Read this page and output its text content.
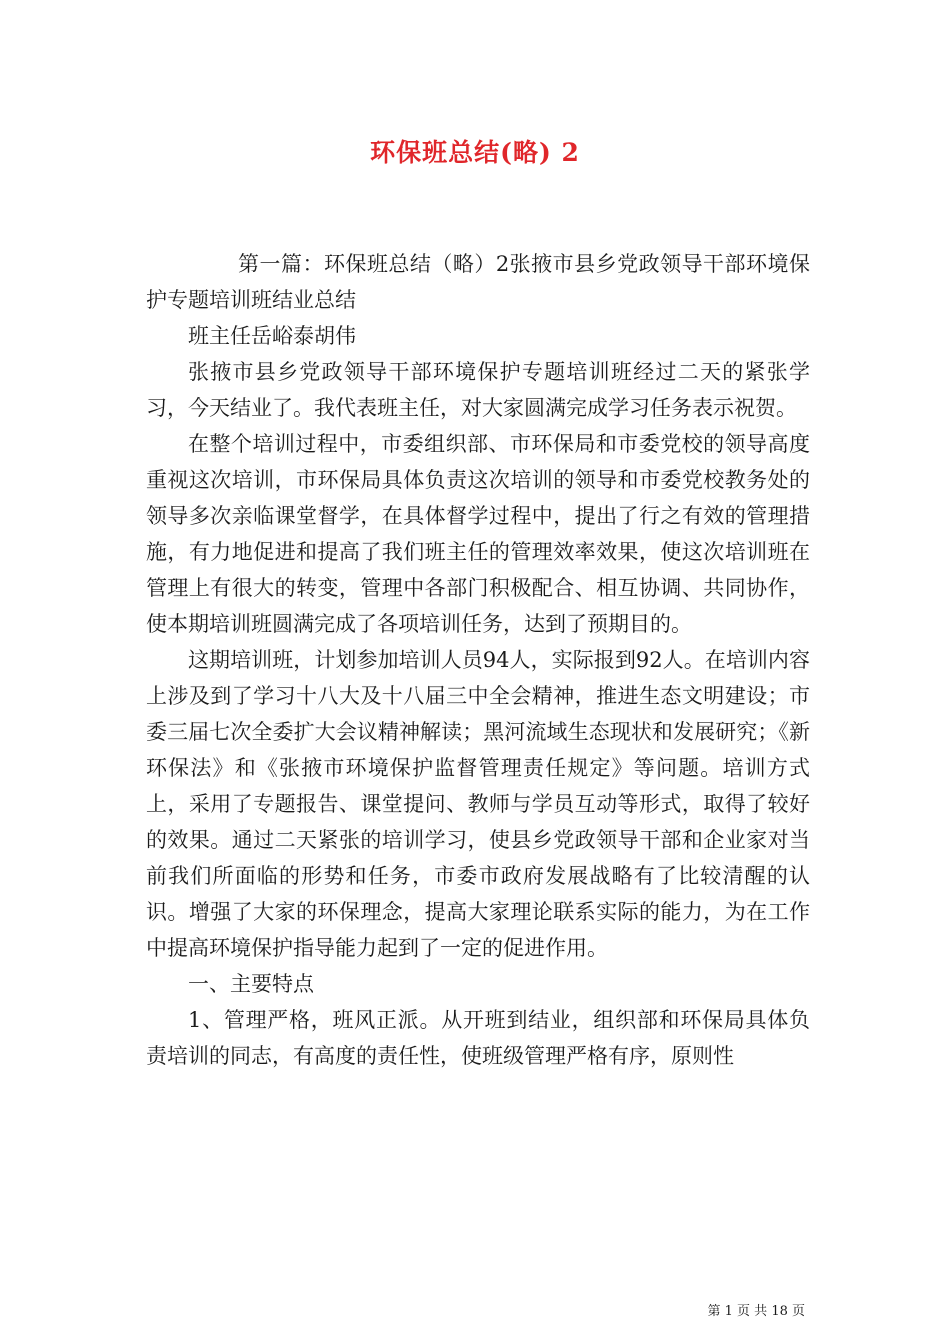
环保班总结(略) 2

第一篇：环保班总结（略）2张掖市县乡党政领导干部环境保护专题培训班结业总结

班主任岳峪泰胡伟

张掖市县乡党政领导干部环境保护专题培训班经过二天的紧张学习，今天结业了。我代表班主任，对大家圆满完成学习任务表示祝贺。

在整个培训过程中，市委组织部、市环保局和市委党校的领导高度重视这次培训，市环保局具体负责这次培训的领导和市委党校教务处的领导多次亲临课堂督学，在具体督学过程中，提出了行之有效的管理措施，有力地促进和提高了我们班主任的管理效率效果，使这次培训班在管理上有很大的转变，管理中各部门积极配合、相互协调、共同协作，使本期培训班圆满完成了各项培训任务，达到了预期目的。

这期培训班，计划参加培训人员94人，实际报到92人。在培训内容上涉及到了学习十八大及十八届三中全会精神，推进生态文明建设；市委三届七次全委扩大会议精神解读；黑河流域生态现状和发展研究；《新环保法》和《张掖市环境保护监督管理责任规定》等问题。培训方式上，采用了专题报告、课堂提问、教师与学员互动等形式，取得了较好的效果。通过二天紧张的培训学习，使县乡党政领导干部和企业家对当前我们所面临的形势和任务，市委市政府发展战略有了比较清醒的认识。增强了大家的环保理念，提高大家理论联系实际的能力，为在工作中提高环境保护指导能力起到了一定的促进作用。

一、主要特点

1、管理严格，班风正派。从开班到结业，组织部和环保局具体负责培训的同志，有高度的责任性，使班级管理严格有序，原则性

第 1 页 共 18 页
